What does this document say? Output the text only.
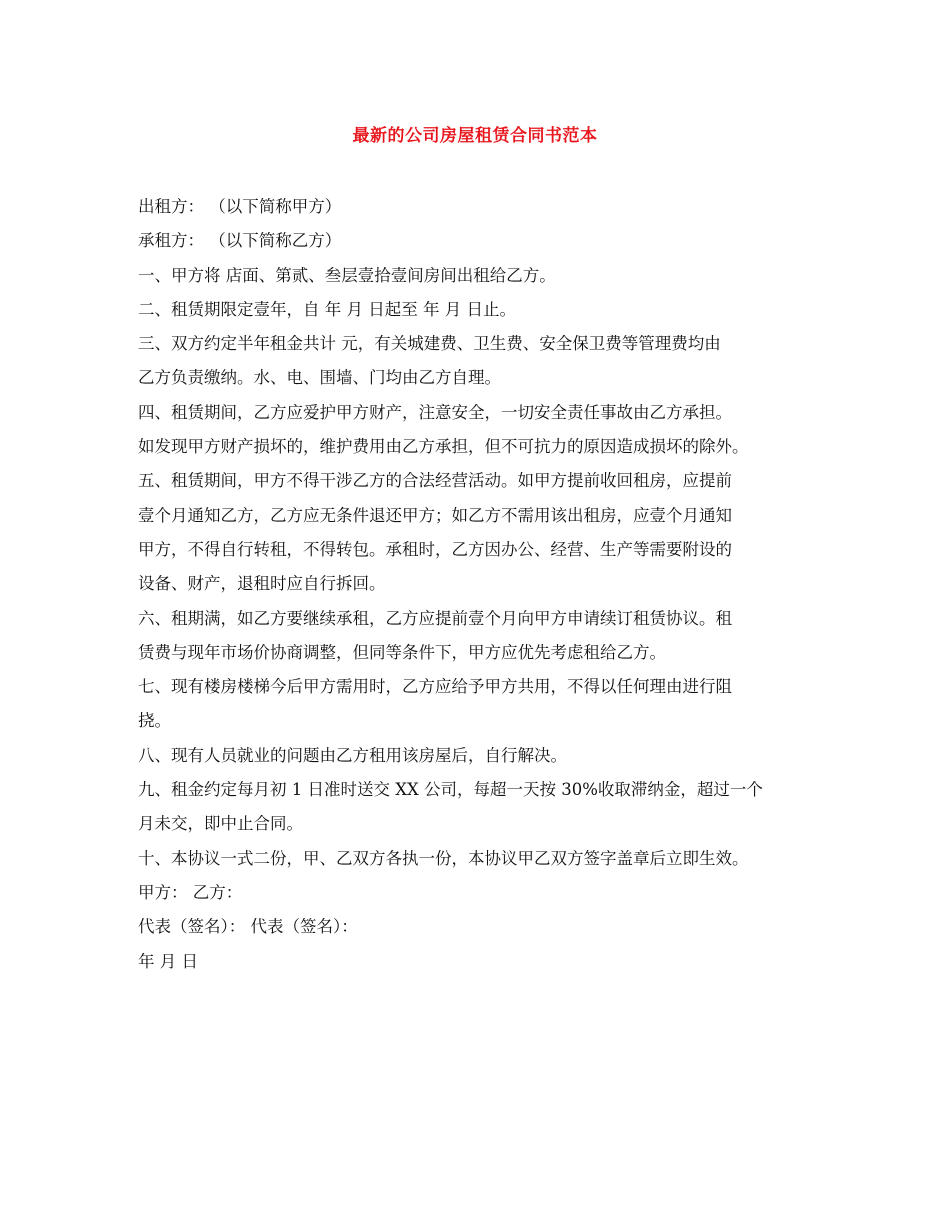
最新的公司房屋租赁合同书范本
出租方： （以下简称甲方）
承租方： （以下简称乙方）
一、甲方将 店面、第贰、叁层壹拾壹间房间出租给乙方。
二、租赁期限定壹年，自 年 月 日起至 年 月 日止。
三、双方约定半年租金共计 元，有关城建费、卫生费、安全保卫费等管理费均由
乙方负责缴纳。水、电、围墙、门均由乙方自理。
四、租赁期间，乙方应爱护甲方财产，注意安全，一切安全责任事故由乙方承担。
如发现甲方财产损坏的，维护费用由乙方承担，但不可抗力的原因造成损坏的除外。
五、租赁期间，甲方不得干涉乙方的合法经营活动。如甲方提前收回租房，应提前
壹个月通知乙方，乙方应无条件退还甲方；如乙方不需用该出租房，应壹个月通知
甲方，不得自行转租，不得转包。承租时，乙方因办公、经营、生产等需要附设的
设备、财产，退租时应自行拆回。
六、租期满，如乙方要继续承租，乙方应提前壹个月向甲方申请续订租赁协议。租
赁费与现年市场价协商调整，但同等条件下，甲方应优先考虑租给乙方。
七、现有楼房楼梯今后甲方需用时，乙方应给予甲方共用，不得以任何理由进行阻
挠。
八、现有人员就业的问题由乙方租用该房屋后，自行解决。
九、租金约定每月初 1 日准时送交 XX 公司，每超一天按 30%收取滞纳金，超过一个
月未交，即中止合同。
十、本协议一式二份，甲、乙双方各执一份，本协议甲乙双方签字盖章后立即生效。
甲方： 乙方：
代表（签名）： 代表（签名）：
年 月 日
